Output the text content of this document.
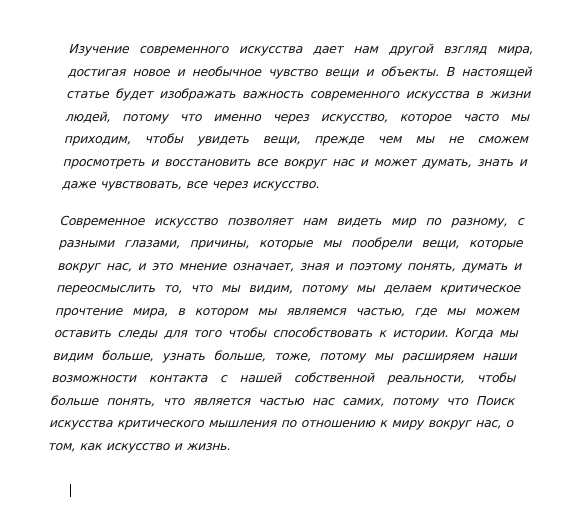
Изучение современного искусства дает нам другой взгляд мира, достигая новое и необычное чувство вещи и объекты. В настоящей статье будет изображать важность современного искусства в жизни людей, потому что именно через искусство, которое часто мы приходим, чтобы увидеть вещи, прежде чем мы не сможем просмотреть и восстановить все вокруг нас и может думать, знать и даже чувствовать, все через искусство.

Современное искусство позволяет нам видеть мир по разному, с разными глазами, причины, которые мы пообрели вещи, которые вокруг нас, и это мнение означает, зная и поэтому понять, думать и переосмыслить то, что мы видим, потому мы делаем критическое прочтение мира, в котором мы являемся частью, где мы можем оставить следы для того чтобы способствовать к истории. Когда мы видим больше, узнать больше, тоже, потому мы расширяем наши возможности контакта с нашей собственной реальности, чтобы больше понять, что является частью нас самих, потому что Поиск искусства критического мышления по отношению к миру вокруг нас, о том, как искусство и жизнь.
